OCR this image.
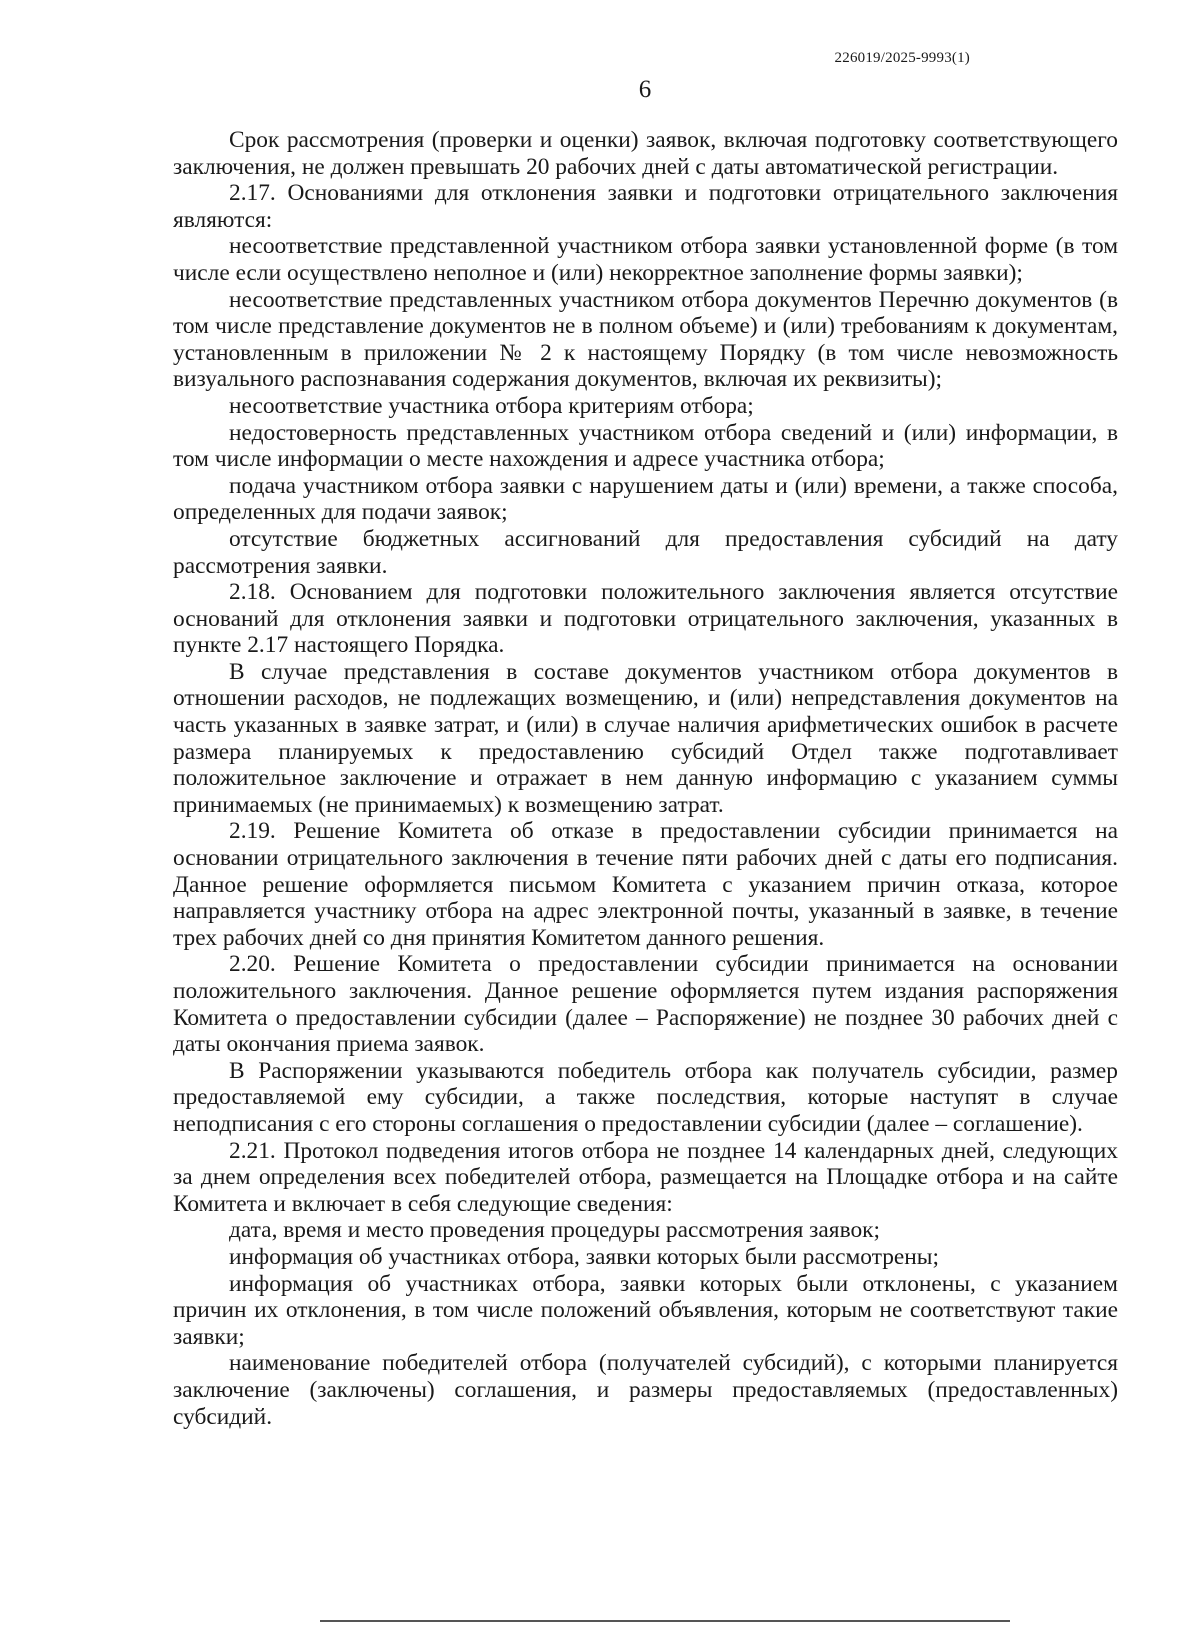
226019/2025-9993(1)
6

Срок рассмотрения (проверки и оценки) заявок, включая подготовку соответствующего заключения, не должен превышать 20 рабочих дней с даты автоматической регистрации.

2.17. Основаниями для отклонения заявки и подготовки отрицательного заключения являются:

несоответствие представленной участником отбора заявки установленной форме (в том числе если осуществлено неполное и (или) некорректное заполнение формы заявки);

несоответствие представленных участником отбора документов Перечню документов (в том числе представление документов не в полном объеме) и (или) требованиям к документам, установленным в приложении № 2 к настоящему Порядку (в том числе невозможность визуального распознавания содержания документов, включая их реквизиты);

несоответствие участника отбора критериям отбора;

недостоверность представленных участником отбора сведений и (или) информации, в том числе информации о месте нахождения и адресе участника отбора;

подача участником отбора заявки с нарушением даты и (или) времени, а также способа, определенных для подачи заявок;

отсутствие бюджетных ассигнований для предоставления субсидий на дату рассмотрения заявки.

2.18. Основанием для подготовки положительного заключения является отсутствие оснований для отклонения заявки и подготовки отрицательного заключения, указанных в пункте 2.17 настоящего Порядка.

В случае представления в составе документов участником отбора документов в отношении расходов, не подлежащих возмещению, и (или) непредставления документов на часть указанных в заявке затрат, и (или) в случае наличия арифметических ошибок в расчете размера планируемых к предоставлению субсидий Отдел также подготавливает положительное заключение и отражает в нем данную информацию с указанием суммы принимаемых (не принимаемых) к возмещению затрат.

2.19. Решение Комитета об отказе в предоставлении субсидии принимается на основании отрицательного заключения в течение пяти рабочих дней с даты его подписания. Данное решение оформляется письмом Комитета с указанием причин отказа, которое направляется участнику отбора на адрес электронной почты, указанный в заявке, в течение трех рабочих дней со дня принятия Комитетом данного решения.

2.20. Решение Комитета о предоставлении субсидии принимается на основании положительного заключения. Данное решение оформляется путем издания распоряжения Комитета о предоставлении субсидии (далее – Распоряжение) не позднее 30 рабочих дней с даты окончания приема заявок.

В Распоряжении указываются победитель отбора как получатель субсидии, размер предоставляемой ему субсидии, а также последствия, которые наступят в случае неподписания с его стороны соглашения о предоставлении субсидии (далее – соглашение).

2.21. Протокол подведения итогов отбора не позднее 14 календарных дней, следующих за днем определения всех победителей отбора, размещается на Площадке отбора и на сайте Комитета и включает в себя следующие сведения:

дата, время и место проведения процедуры рассмотрения заявок;

информация об участниках отбора, заявки которых были рассмотрены;

информация об участниках отбора, заявки которых были отклонены, с указанием причин их отклонения, в том числе положений объявления, которым не соответствуют такие заявки;

наименование победителей отбора (получателей субсидий), с которыми планируется заключение (заключены) соглашения, и размеры предоставляемых (предоставленных) субсидий.
